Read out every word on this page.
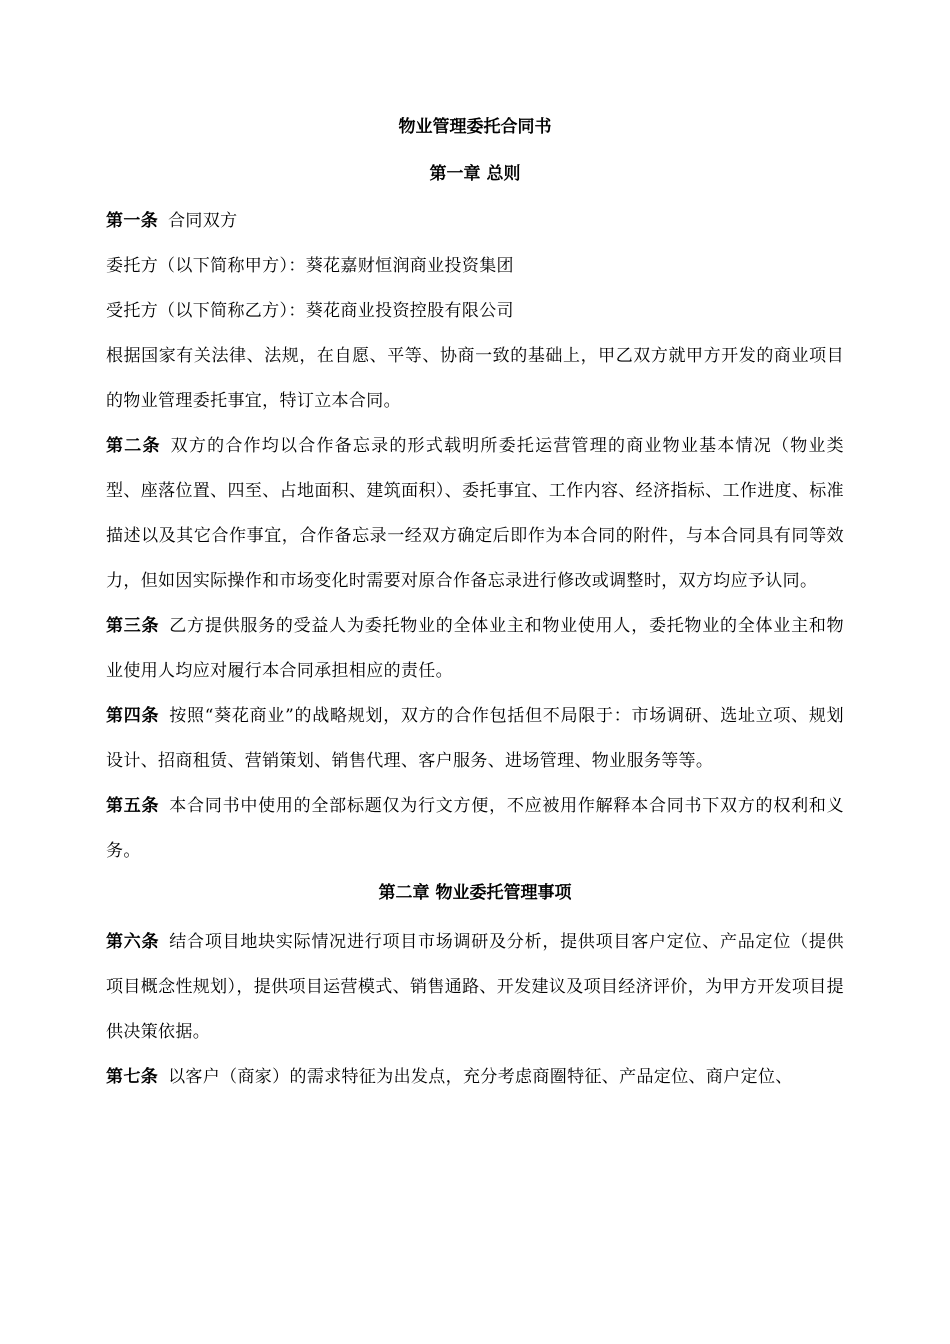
物业管理委托合同书
第一章 总则

第一条 合同双方

委托方（以下简称甲方）：葵花嘉财恒润商业投资集团

受托方（以下简称乙方）：葵花商业投资控股有限公司

根据国家有关法律、法规，在自愿、平等、协商一致的基础上，甲乙双方就甲方开发的商业项目的物业管理委托事宜，特订立本合同。

第二条 双方的合作均以合作备忘录的形式载明所委托运营管理的商业物业基本情况（物业类型、座落位置、四至、占地面积、建筑面积）、委托事宜、工作内容、经济指标、工作进度、标准描述以及其它合作事宜，合作备忘录一经双方确定后即作为本合同的附件，与本合同具有同等效力，但如因实际操作和市场变化时需要对原合作备忘录进行修改或调整时，双方均应予认同。

第三条 乙方提供服务的受益人为委托物业的全体业主和物业使用人，委托物业的全体业主和物业使用人均应对履行本合同承担相应的责任。

第四条 按照“葵花商业”的战略规划，双方的合作包括但不局限于：市场调研、选址立项、规划设计、招商租赁、营销策划、销售代理、客户服务、进场管理、物业服务等等。

第五条 本合同书中使用的全部标题仅为行文方便，不应被用作解释本合同书下双方的权利和义务。

第二章 物业委托管理事项

第六条 结合项目地块实际情况进行项目市场调研及分析，提供项目客户定位、产品定位（提供项目概念性规划），提供项目运营模式、销售通路、开发建议及项目经济评价，为甲方开发项目提供决策依据。

第七条 以客户（商家）的需求特征为出发点，充分考虑商圈特征、产品定位、商户定位、
